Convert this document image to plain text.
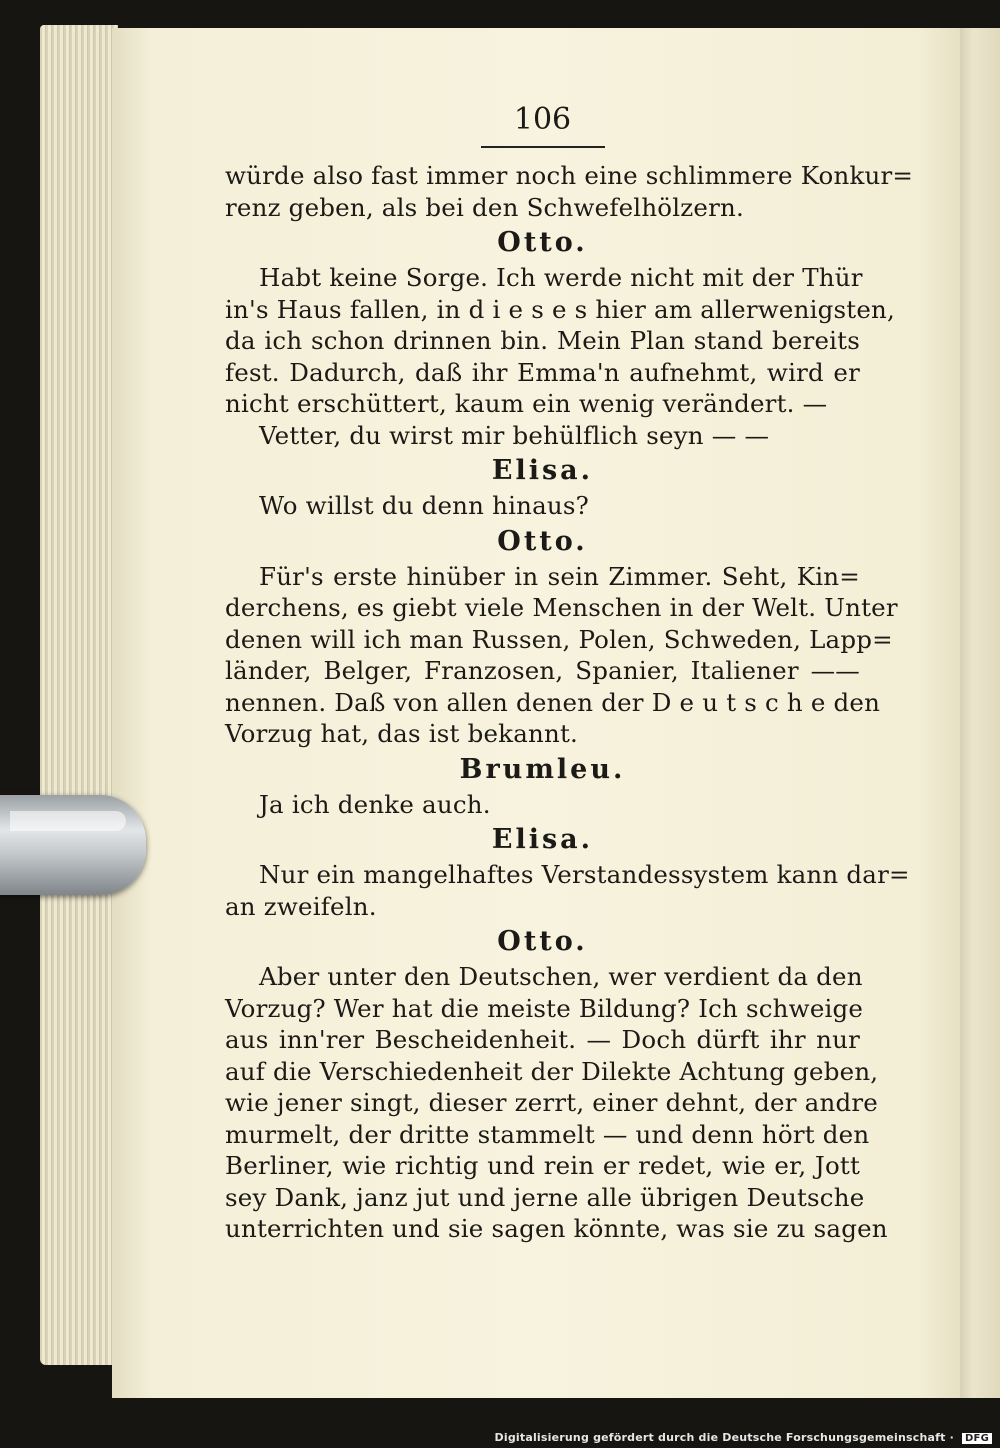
106
würde also fast immer noch eine schlimmere Konkur=
renz geben, als bei den Schwefelhölzern.
Otto.
Habt keine Sorge. Ich werde nicht mit der Thür
in's Haus fallen, in d i e s e s hier am allerwenigsten,
da ich schon drinnen bin. Mein Plan stand bereits
fest. Dadurch, daß ihr Emma'n aufnehmt, wird er
nicht erschüttert, kaum ein wenig verändert. —
Vetter, du wirst mir behülflich seyn — —
Elisa.
Wo willst du denn hinaus?
Otto.
Für's erste hinüber in sein Zimmer. Seht, Kin=
derchens, es giebt viele Menschen in der Welt. Unter
denen will ich man Russen, Polen, Schweden, Lapp=
länder, Belger, Franzosen, Spanier, Italiener ——
nennen. Daß von allen denen der D e u t s c h e den
Vorzug hat, das ist bekannt.
Brumleu.
Ja ich denke auch.
Elisa.
Nur ein mangelhaftes Verstandessystem kann dar=
an zweifeln.
Otto.
Aber unter den Deutschen, wer verdient da den
Vorzug? Wer hat die meiste Bildung? Ich schweige
aus inn'rer Bescheidenheit. — Doch dürft ihr nur
auf die Verschiedenheit der Dilekte Achtung geben,
wie jener singt, dieser zerrt, einer dehnt, der andre
murmelt, der dritte stammelt — und denn hört den
Berliner, wie richtig und rein er redet, wie er, Jott
sey Dank, janz jut und jerne alle übrigen Deutsche
unterrichten und sie sagen könnte, was sie zu sagen
Digitalisierung gefördert durch die Deutsche Forschungsgemeinschaft · DFG
